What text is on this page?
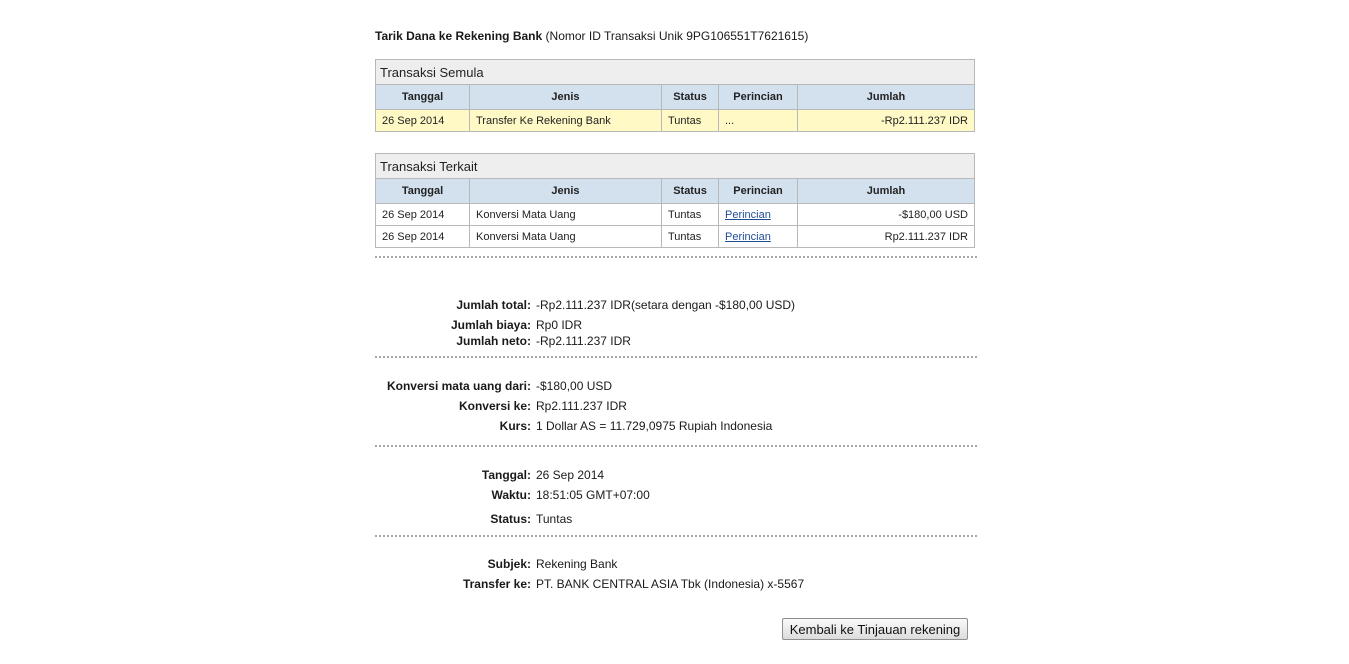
Tarik Dana ke Rekening Bank (Nomor ID Transaksi Unik 9PG106551T7621615)
Transaksi Semula				
Tanggal	Jenis	Status	Perincian	Jumlah
26 Sep 2014	Transfer Ke Rekening Bank	Tuntas	...	-Rp2.111.237 IDR
Transaksi Terkait				
Tanggal	Jenis	Status	Perincian	Jumlah
26 Sep 2014	Konversi Mata Uang	Tuntas	Perincian	-$180,00 USD
26 Sep 2014	Konversi Mata Uang	Tuntas	Perincian	Rp2.111.237 IDR
Jumlah total: -Rp2.111.237 IDR(setara dengan -$180,00 USD)
Jumlah biaya: Rp0 IDR
Jumlah neto: -Rp2.111.237 IDR
Konversi mata uang dari: -$180,00 USD
Konversi ke: Rp2.111.237 IDR
Kurs: 1 Dollar AS = 11.729,0975 Rupiah Indonesia
Tanggal: 26 Sep 2014
Waktu: 18:51:05 GMT+07:00
Status: Tuntas
Subjek: Rekening Bank
Transfer ke: PT. BANK CENTRAL ASIA Tbk (Indonesia) x-5567
Kembali ke Tinjauan rekening
